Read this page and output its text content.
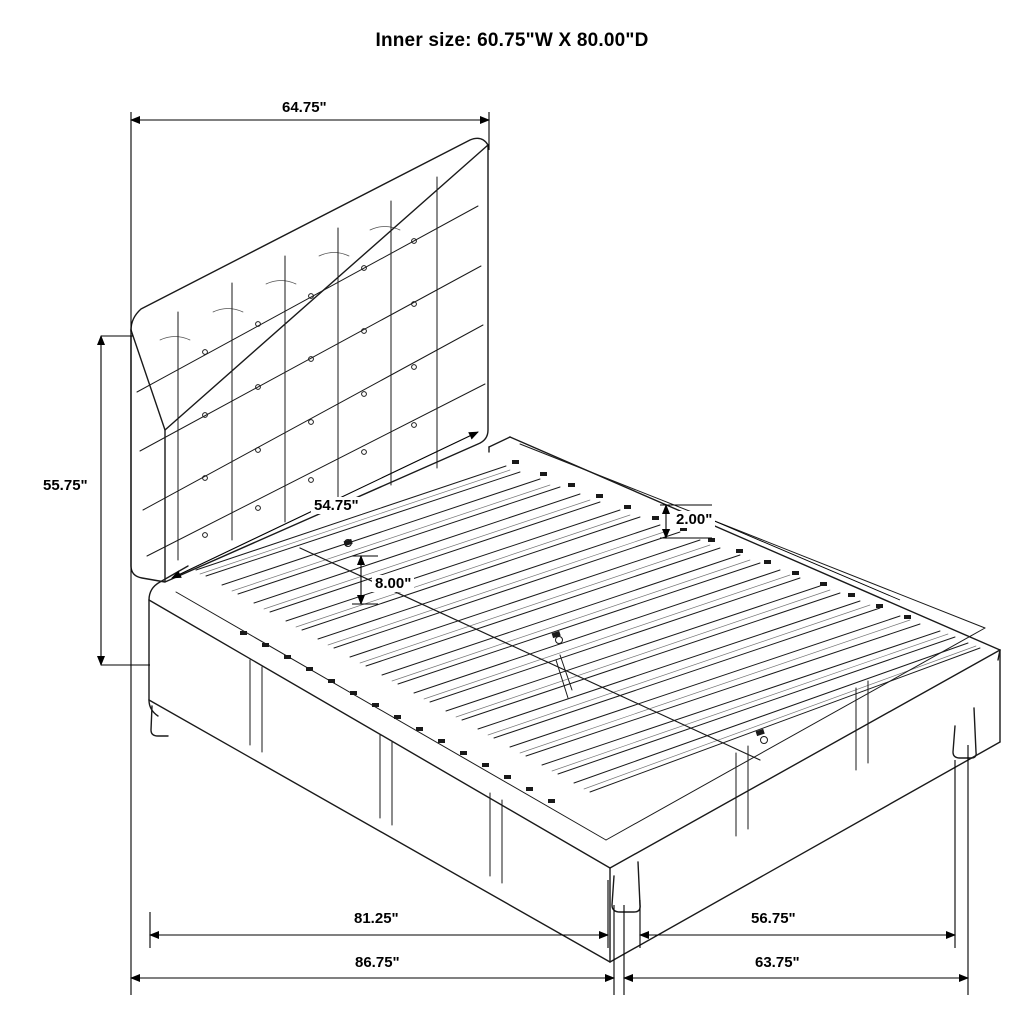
Inner size: 60.75"W X 80.00"D
64.75"
55.75"
54.75"
2.00"
8.00"
81.25"	56.75"
86.75"	63.75"
